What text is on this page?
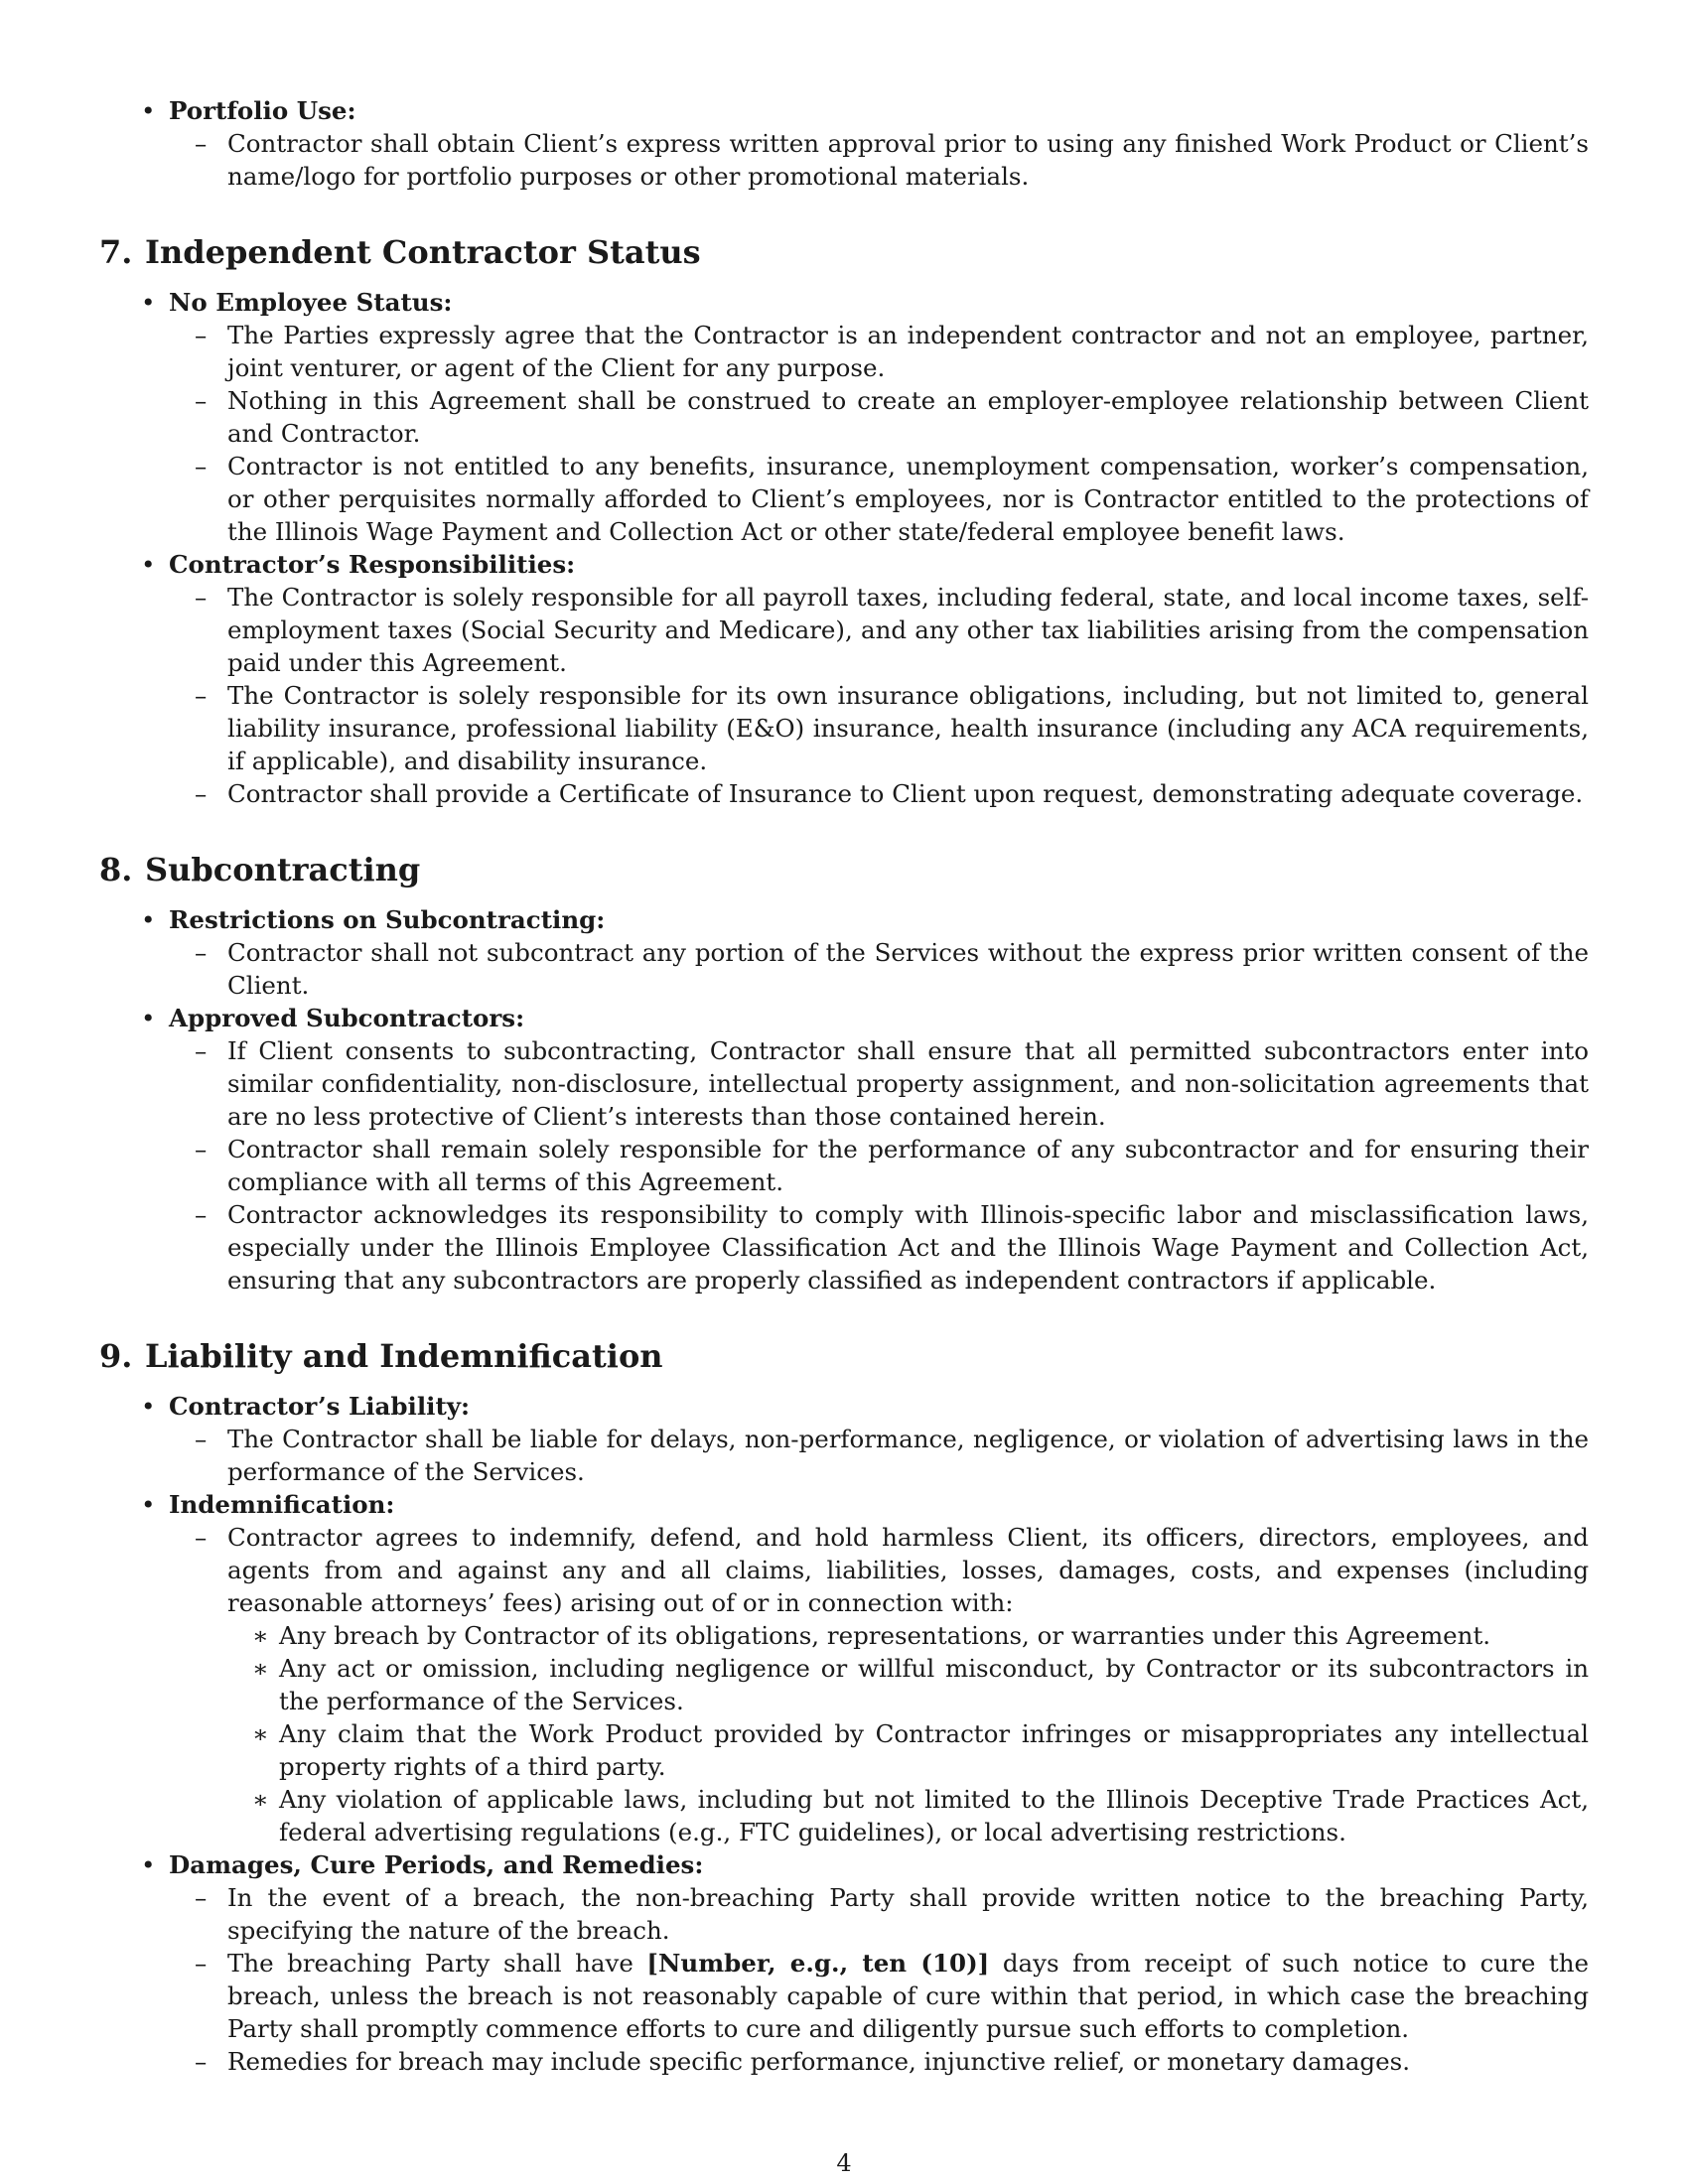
• Portfolio Use:
– Contractor shall obtain Client’s express written approval prior to using any finished Work Product or Client’s name/logo for portfolio purposes or other promotional materials.
7. Independent Contractor Status
• No Employee Status:
– The Parties expressly agree that the Contractor is an independent contractor and not an employee, partner, joint venturer, or agent of the Client for any purpose.
– Nothing in this Agreement shall be construed to create an employer-employee relationship between Client and Contractor.
– Contractor is not entitled to any benefits, insurance, unemployment compensation, worker’s compensation, or other perquisites normally afforded to Client’s employees, nor is Contractor entitled to the protections of the Illinois Wage Payment and Collection Act or other state/federal employee benefit laws.
• Contractor’s Responsibilities:
– The Contractor is solely responsible for all payroll taxes, including federal, state, and local income taxes, self-employment taxes (Social Security and Medicare), and any other tax liabilities arising from the compensation paid under this Agreement.
– The Contractor is solely responsible for its own insurance obligations, including, but not limited to, general liability insurance, professional liability (E&O) insurance, health insurance (including any ACA requirements, if applicable), and disability insurance.
– Contractor shall provide a Certificate of Insurance to Client upon request, demonstrating adequate coverage.
8. Subcontracting
• Restrictions on Subcontracting:
– Contractor shall not subcontract any portion of the Services without the express prior written consent of the Client.
• Approved Subcontractors:
– If Client consents to subcontracting, Contractor shall ensure that all permitted subcontractors enter into similar confidentiality, non-disclosure, intellectual property assignment, and non-solicitation agreements that are no less protective of Client’s interests than those contained herein.
– Contractor shall remain solely responsible for the performance of any subcontractor and for ensuring their compliance with all terms of this Agreement.
– Contractor acknowledges its responsibility to comply with Illinois-specific labor and misclassification laws, especially under the Illinois Employee Classification Act and the Illinois Wage Payment and Collection Act, ensuring that any subcontractors are properly classified as independent contractors if applicable.
9. Liability and Indemnification
• Contractor’s Liability:
– The Contractor shall be liable for delays, non-performance, negligence, or violation of advertising laws in the performance of the Services.
• Indemnification:
– Contractor agrees to indemnify, defend, and hold harmless Client, its officers, directors, employees, and agents from and against any and all claims, liabilities, losses, damages, costs, and expenses (including reasonable attorneys’ fees) arising out of or in connection with:
∗ Any breach by Contractor of its obligations, representations, or warranties under this Agreement.
∗ Any act or omission, including negligence or willful misconduct, by Contractor or its subcontractors in the performance of the Services.
∗ Any claim that the Work Product provided by Contractor infringes or misappropriates any intellectual property rights of a third party.
∗ Any violation of applicable laws, including but not limited to the Illinois Deceptive Trade Practices Act, federal advertising regulations (e.g., FTC guidelines), or local advertising restrictions.
• Damages, Cure Periods, and Remedies:
– In the event of a breach, the non-breaching Party shall provide written notice to the breaching Party, specifying the nature of the breach.
– The breaching Party shall have [Number, e.g., ten (10)] days from receipt of such notice to cure the breach, unless the breach is not reasonably capable of cure within that period, in which case the breaching Party shall promptly commence efforts to cure and diligently pursue such efforts to completion.
– Remedies for breach may include specific performance, injunctive relief, or monetary damages.
4
